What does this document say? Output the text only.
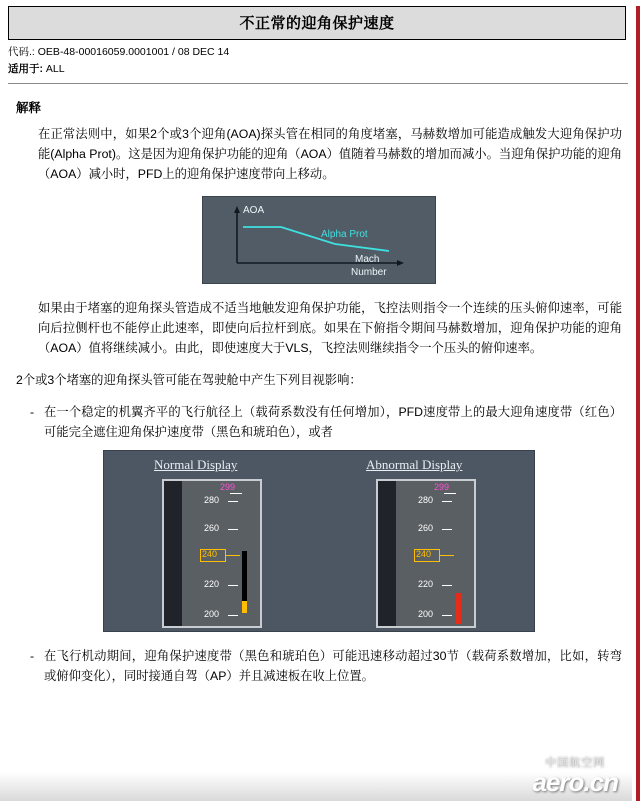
不正常的迎角保护速度
代码.: OEB-48-00016059.0001001 / 08 DEC 14
适用于: ALL
解释

在正常法则中，如果2个或3个迎角(AOA)探头管在相同的角度堵塞，马赫数增加可能造成触发大迎角保护功能(Alpha Prot)。这是因为迎角保护功能的迎角（AOA）值随着马赫数的增加而减小。当迎角保护功能的迎角（AOA）减小时，PFD上的迎角保护速度带向上移动。

AOA
Alpha Prot
Mach
Number

如果由于堵塞的迎角探头管造成不适当地触发迎角保护功能，飞控法则指令一个连续的压头俯仰速率，可能向后拉侧杆也不能停止此速率，即使向后拉杆到底。如果在下俯指令期间马赫数增加，迎角保护功能的迎角（AOA）值将继续减小。由此，即使速度大于VLS，飞控法则继续指令一个压头的俯仰速率。

2个或3个堵塞的迎角探头管可能在驾驶舱中产生下列目视影响：

- 在一个稳定的机翼齐平的飞行航径上（载荷系数没有任何增加），PFD速度带上的最大迎角速度带（红色）可能完全遮住迎角保护速度带（黑色和琥珀色），或者
Normal Display	Abnormal Display
299
280
260
240
220
200
299
280
260
240
220
200
- 在飞行机动期间，迎角保护速度带（黑色和琥珀色）可能迅速移动超过30节（载荷系数增加，比如，转弯或俯仰变化），同时接通自驾（AP）并且减速板在收上位置。
中国航空网
aero.cn
